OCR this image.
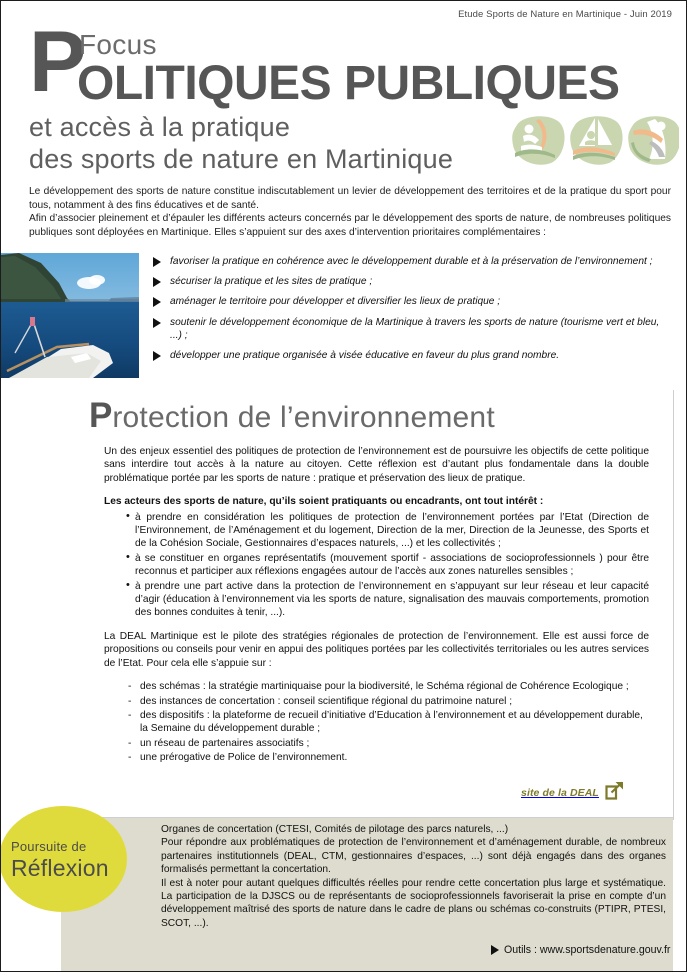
Etude Sports de Nature en Martinique - Juin 2019
P
Focus
OLITIQUES PUBLIQUES
et accès à la pratique
des sports de nature en Martinique

Le développement des sports de nature constitue indiscutablement un levier de développement des territoires et de la pratique du sport pour tous, notamment à des fins éducatives et de santé.

Afin d’associer pleinement et d’épauler les différents acteurs concernés par le développement des sports de nature, de nombreuses politiques publiques sont déployées en Martinique. Elles s’appuient sur des axes d’intervention prioritaires complémentaires :

favoriser la pratique en cohérence avec le développement durable et à la préservation de l’environnement ;
sécuriser la pratique et les sites de pratique ;
aménager le territoire pour développer et diversifier les lieux de pratique ;
soutenir le développement économique de la Martinique à travers les sports de nature (tourisme vert et bleu, ...) ;
développer une pratique organisée à visée éducative en faveur du plus grand nombre.
Protection de l’environnement

Un des enjeux essentiel des politiques de protection de l’environnement est de poursuivre les objectifs de cette politique sans interdire tout accès à la nature au citoyen. Cette réflexion est d’autant plus fondamentale dans la double problématique portée par les sports de nature : pratique et préservation des lieux de pratique.

Les acteurs des sports de nature, qu’ils soient pratiquants ou encadrants, ont tout intérêt :

• à prendre en considération les politiques de protection de l’environnement portées par l’Etat (Direction de l’Environnement, de l’Aménagement et du logement, Direction de la mer, Direction de la Jeunesse, des Sports et de la Cohésion Sociale, Gestionnaires d’espaces naturels, ...) et les collectivités ;
• à se constituer en organes représentatifs (mouvement sportif - associations de socioprofessionnels ) pour être reconnus et participer aux réflexions engagées autour de l’accès aux zones naturelles sensibles ;
• à prendre une part active dans la protection de l’environnement en s’appuyant sur leur réseau et leur capacité d’agir (éducation à l’environnement via les sports de nature, signalisation des mauvais comportements, promotion des bonnes conduites à tenir, ...).

La DEAL Martinique est le pilote des stratégies régionales de protection de l’environnement. Elle est aussi force de propositions ou conseils pour venir en appui des politiques portées par les collectivités territoriales ou les autres services de l’Etat. Pour cela elle s’appuie sur :

- des schémas : la stratégie martiniquaise pour la biodiversité, le Schéma régional de Cohérence Ecologique ;
- des instances de concertation : conseil scientifique régional du patrimoine naturel ;
- des dispositifs : la plateforme de recueil d’initiative d’Education à l’environnement et au développement durable, la Semaine du développement durable ;
- un réseau de partenaires associatifs ;
- une prérogative de Police de l’environnement.
site de la DEAL
Poursuite de
Réflexion

Organes de concertation (CTESI, Comités de pilotage des parcs naturels, ...)

Pour répondre aux problématiques de protection de l’environnement et d’aménagement durable, de nombreux partenaires institutionnels (DEAL, CTM, gestionnaires d’espaces, ...) sont déjà engagés dans des organes formalisés permettant la concertation.

Il est à noter pour autant quelques difficultés réelles pour rendre cette concertation plus large et systématique. La participation de la DJSCS ou de représentants de socioprofessionnels favoriserait la prise en compte d’un développement maîtrisé des sports de nature dans le cadre de plans ou schémas co-construits (PTIPR, PTESI, SCOT, ...).

Outils : www.sportsdenature.gouv.fr
